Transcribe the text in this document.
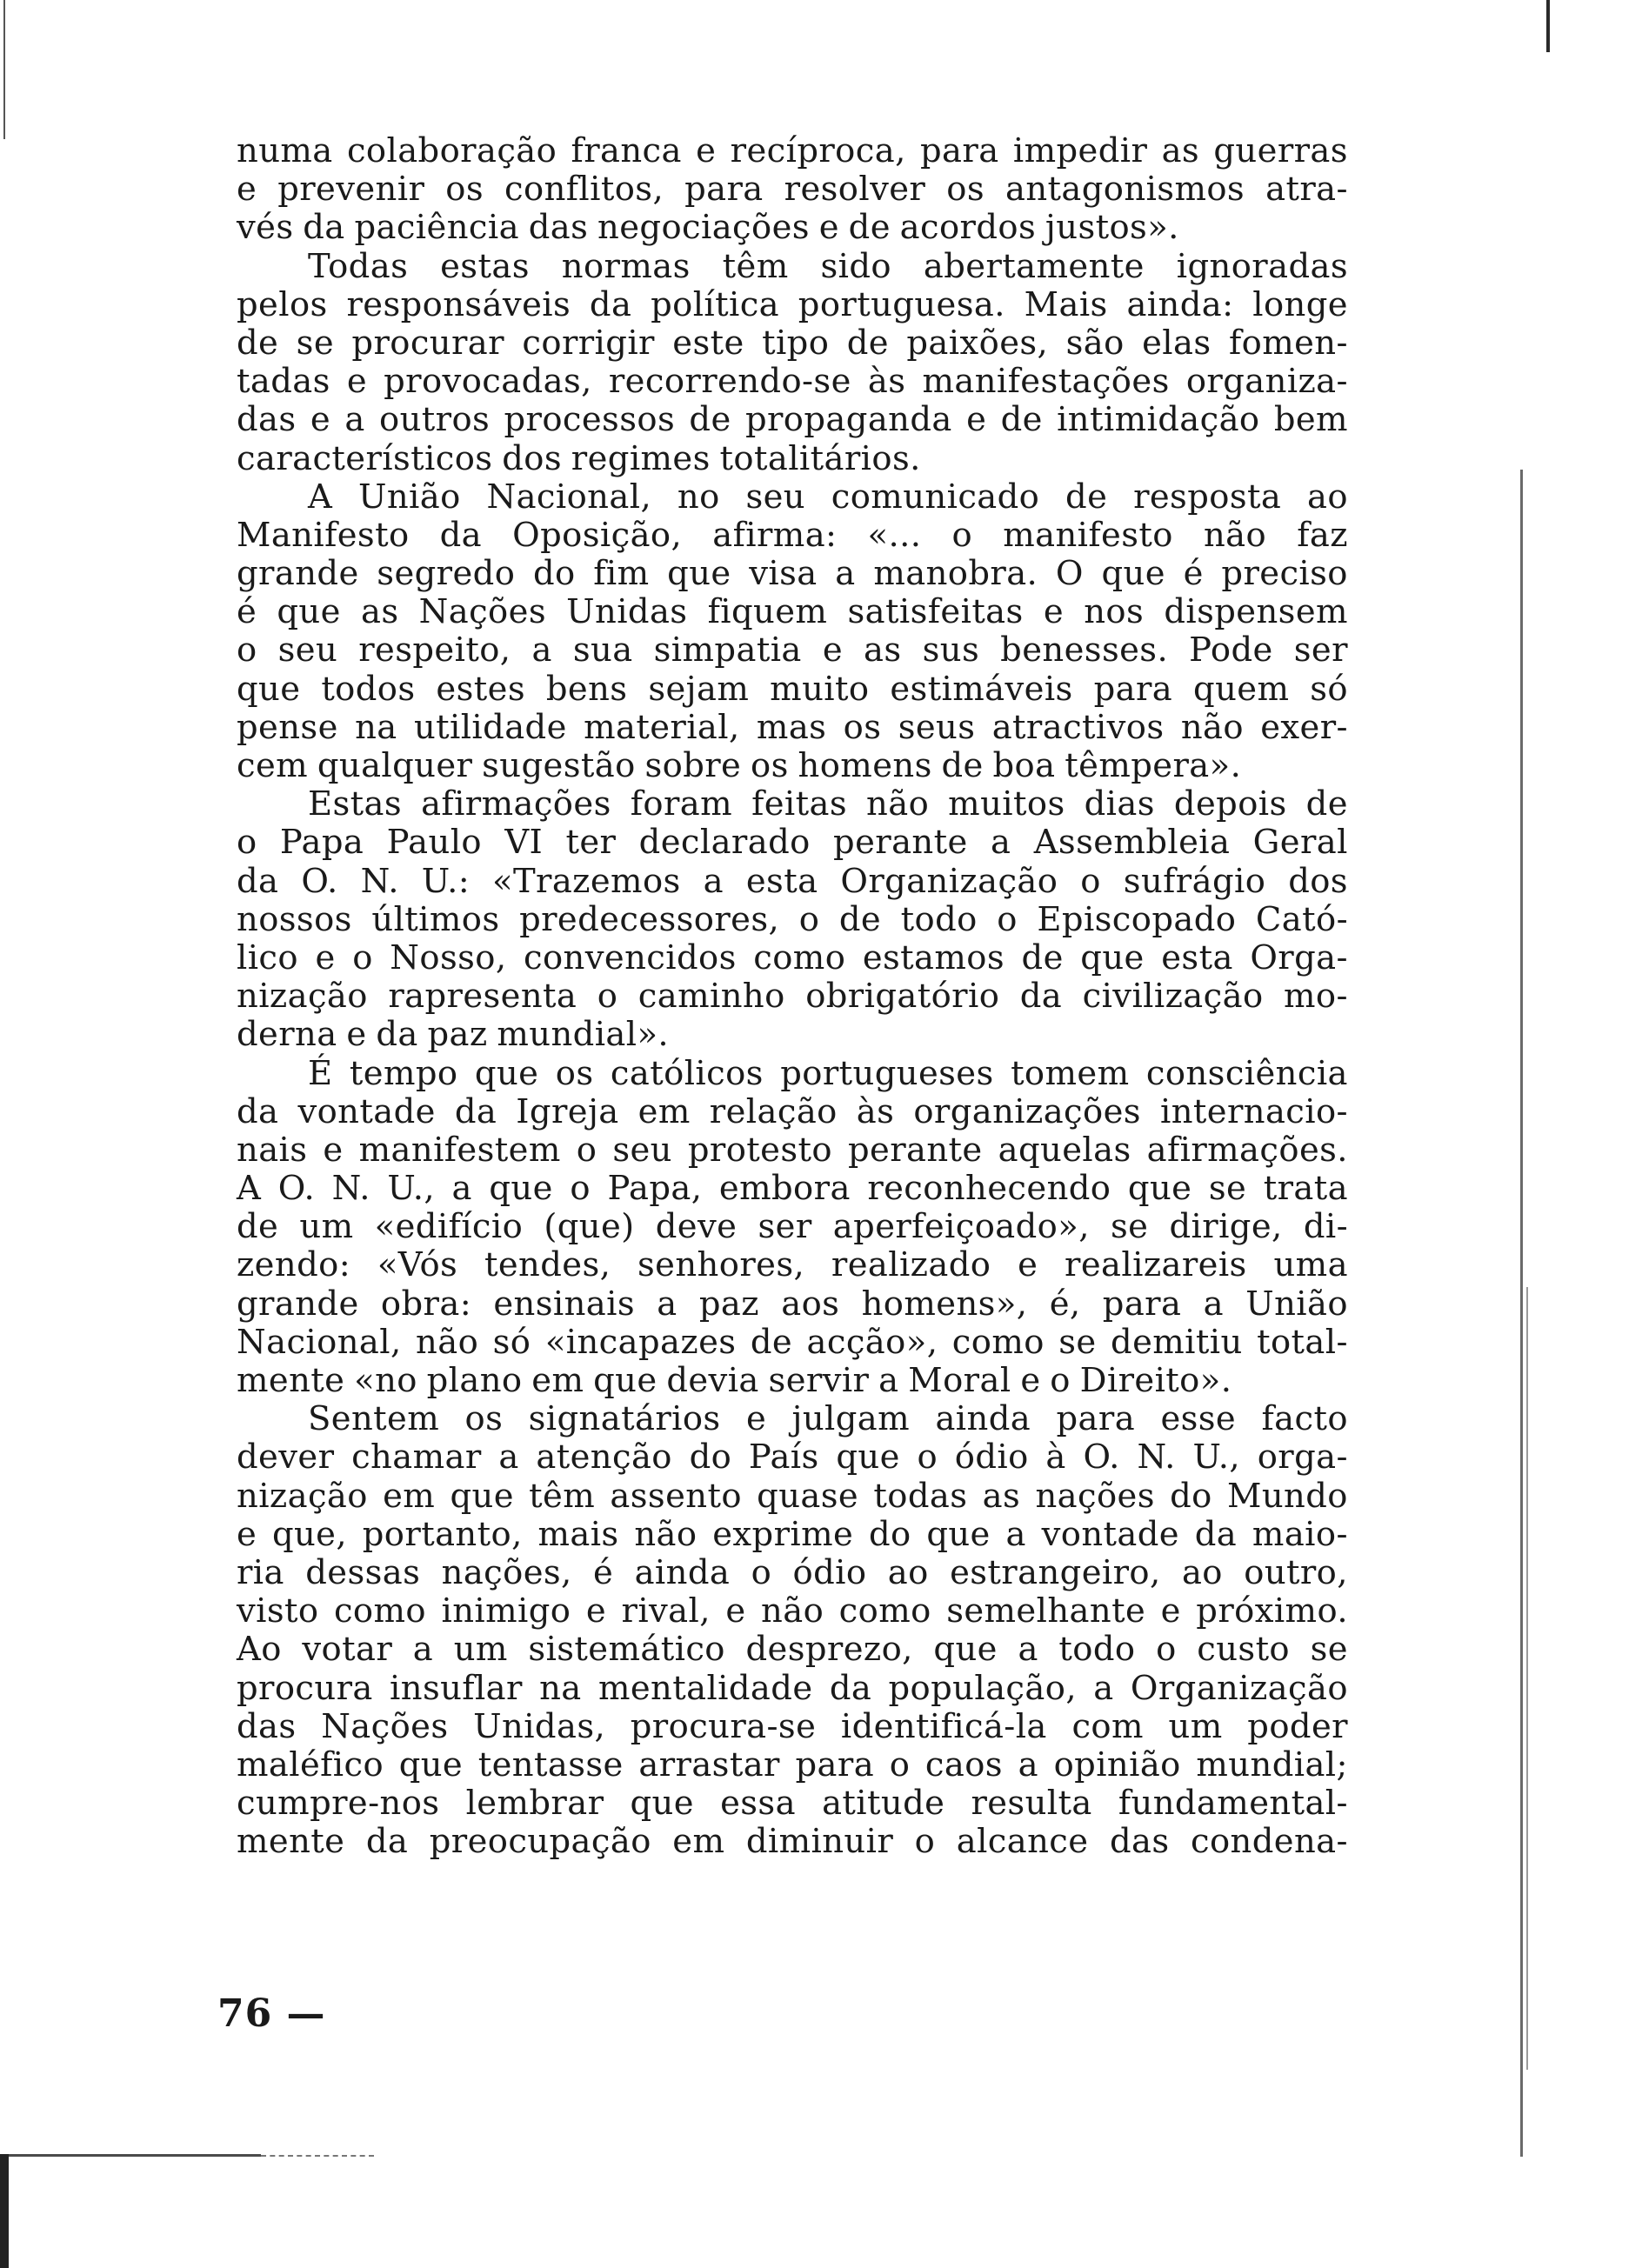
numa colaboração franca e recíproca, para impedir as guerras
e prevenir os conflitos, para resolver os antagonismos atra-
vés da paciência das negociações e de acordos justos».
Todas estas normas têm sido abertamente ignoradas
pelos responsáveis da política portuguesa. Mais ainda: longe
de se procurar corrigir este tipo de paixões, são elas fomen-
tadas e provocadas, recorrendo-se às manifestações organiza-
das e a outros processos de propaganda e de intimidação bem
característicos dos regimes totalitários.
A União Nacional, no seu comunicado de resposta ao
Manifesto da Oposição, afirma: «... o manifesto não faz
grande segredo do fim que visa a manobra. O que é preciso
é que as Nações Unidas fiquem satisfeitas e nos dispensem
o seu respeito, a sua simpatia e as sus benesses. Pode ser
que todos estes bens sejam muito estimáveis para quem só
pense na utilidade material, mas os seus atractivos não exer-
cem qualquer sugestão sobre os homens de boa têmpera».
Estas afirmações foram feitas não muitos dias depois de
o Papa Paulo VI ter declarado perante a Assembleia Geral
da O. N. U.: «Trazemos a esta Organização o sufrágio dos
nossos últimos predecessores, o de todo o Episcopado Cató-
lico e o Nosso, convencidos como estamos de que esta Orga-
nização rapresenta o caminho obrigatório da civilização mo-
derna e da paz mundial».
É tempo que os católicos portugueses tomem consciência
da vontade da Igreja em relação às organizações internacio-
nais e manifestem o seu protesto perante aquelas afirmações.
A O. N. U., a que o Papa, embora reconhecendo que se trata
de um «edifício (que) deve ser aperfeiçoado», se dirige, di-
zendo: «Vós tendes, senhores, realizado e realizareis uma
grande obra: ensinais a paz aos homens», é, para a União
Nacional, não só «incapazes de acção», como se demitiu total-
mente «no plano em que devia servir a Moral e o Direito».
Sentem os signatários e julgam ainda para esse facto
dever chamar a atenção do País que o ódio à O. N. U., orga-
nização em que têm assento quase todas as nações do Mundo
e que, portanto, mais não exprime do que a vontade da maio-
ria dessas nações, é ainda o ódio ao estrangeiro, ao outro,
visto como inimigo e rival, e não como semelhante e próximo.
Ao votar a um sistemático desprezo, que a todo o custo se
procura insuflar na mentalidade da população, a Organização
das Nações Unidas, procura-se identificá-la com um poder
maléfico que tentasse arrastar para o caos a opinião mundial;
cumpre-nos lembrar que essa atitude resulta fundamental-
mente da preocupação em diminuir o alcance das condena-
76 —
